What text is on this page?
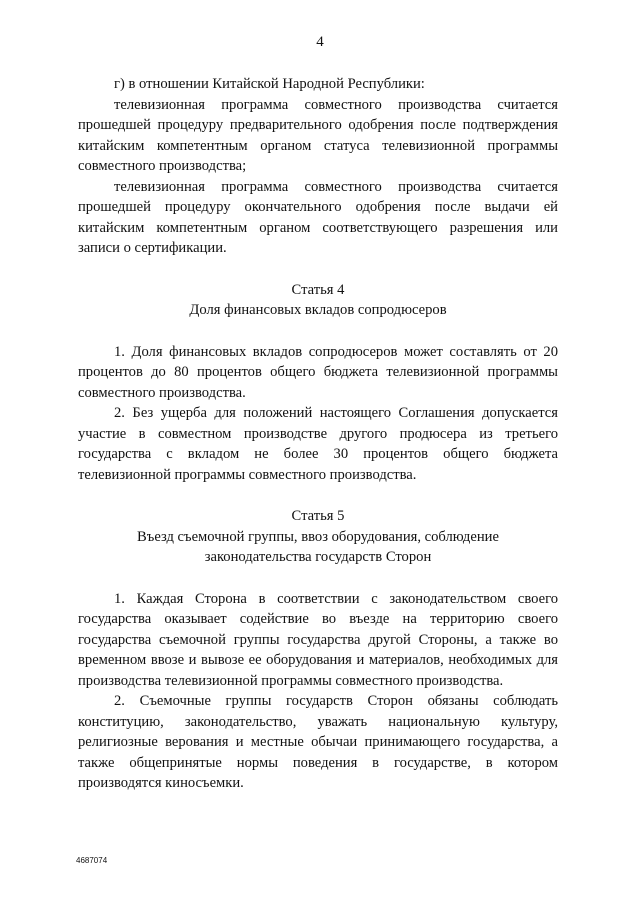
4

г) в отношении Китайской Народной Республики:

телевизионная программа совместного производства считается прошедшей процедуру предварительного одобрения после подтверждения китайским компетентным органом статуса телевизионной программы совместного производства;

телевизионная программа совместного производства считается прошедшей процедуру окончательного одобрения после выдачи ей китайским компетентным органом соответствующего разрешения или записи о сертификации.

Статья 4

Доля финансовых вкладов сопродюсеров

1. Доля финансовых вкладов сопродюсеров может составлять от 20 процентов до 80 процентов общего бюджета телевизионной программы совместного производства.

2. Без ущерба для положений настоящего Соглашения допускается участие в совместном производстве другого продюсера из третьего государства с вкладом не более 30 процентов общего бюджета телевизионной программы совместного производства.

Статья 5

Въезд съемочной группы, ввоз оборудования, соблюдение

законодательства государств Сторон

1. Каждая Сторона в соответствии с законодательством своего государства оказывает содействие во въезде на территорию своего государства съемочной группы государства другой Стороны, а также во временном ввозе и вывозе ее оборудования и материалов, необходимых для производства телевизионной программы совместного производства.

2. Съемочные группы государств Сторон обязаны соблюдать конституцию, законодательство, уважать национальную культуру, религиозные верования и местные обычаи принимающего государства, а также общепринятые нормы поведения в государстве, в котором производятся киносъемки.

4687074
